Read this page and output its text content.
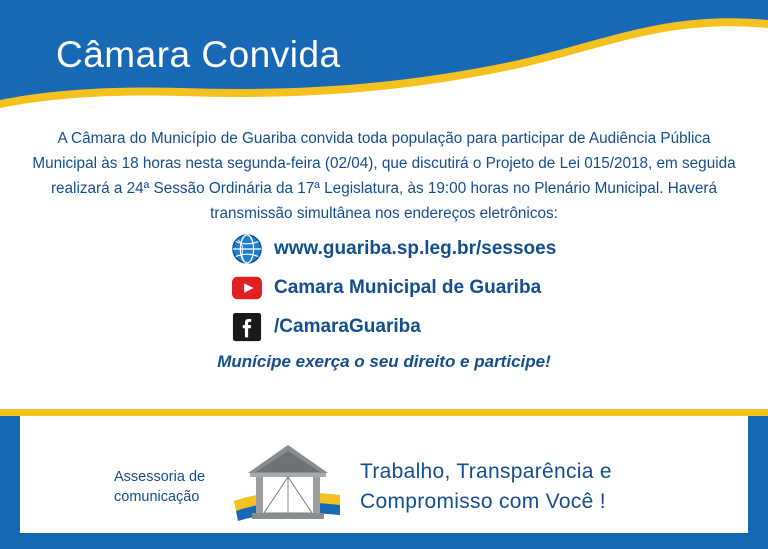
Câmara Convida

A Câmara do Município de Guariba convida toda população para participar de Audiência Pública Municipal às 18 horas nesta segunda-feira (02/04), que discutirá o Projeto de Lei 015/2018, em seguida realizará a 24ª Sessão Ordinária da 17ª Legislatura, às 19:00 horas no Plenário Municipal. Haverá transmissão simultânea nos endereços eletrônicos:

www.guariba.sp.leg.br/sessoes
Camara Municipal de Guariba
/CamaraGuariba
Munícipe exerça o seu direito e participe!
Assessoria de
comunicação
Trabalho, Transparência e
Compromisso com Você !
